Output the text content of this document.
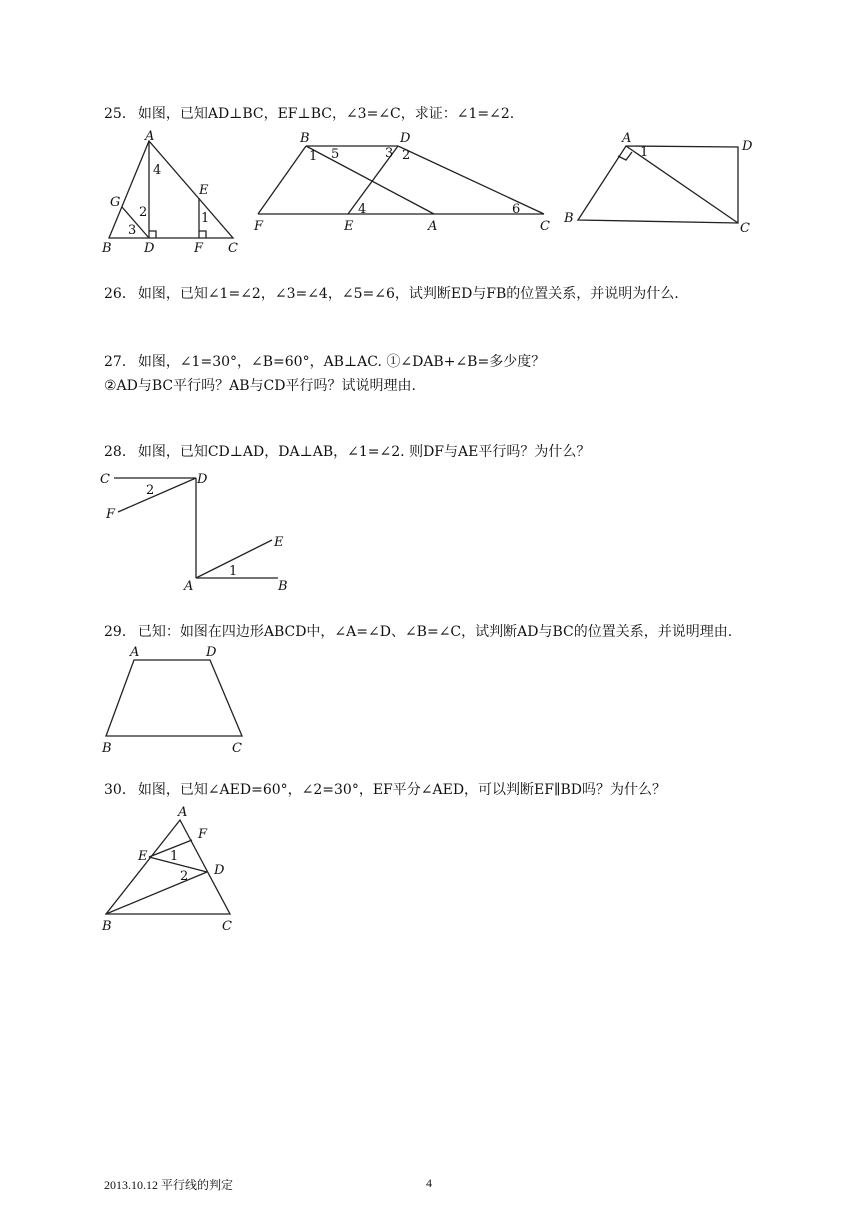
25． 如图，已知AD⊥BC，EF⊥BC，∠3=∠C，求证：∠1=∠2.
A
B	C
D
E
F
G
1
2
3
4
B	D
F	E	A	C
1 5	3 2
4	6
A
D
B
C
1
26． 如图，已知∠1=∠2，∠3=∠4，∠5=∠6，试判断ED与FB的位置关系，并说明为什么.
27． 如图，∠1=30°，∠B=60°，AB⊥AC. ①∠DAB+∠B=多少度？
②AD与BC平行吗？AB与CD平行吗？试说明理由.
28． 如图，已知CD⊥AD，DA⊥AB，∠1=∠2. 则DF与AE平行吗？为什么？
C	D
F
A
E
B
1
2
29． 已知：如图在四边形ABCD中，∠A=∠D、∠B=∠C，试判断AD与BC的位置关系，并说明理由.
A	D
B	C
30． 如图，已知∠AED=60°，∠2=30°，EF平分∠AED，可以判断EF∥BD吗？为什么？
A
F
E
D
B	C
1
2
2013.10.12 平行线的判定	4
